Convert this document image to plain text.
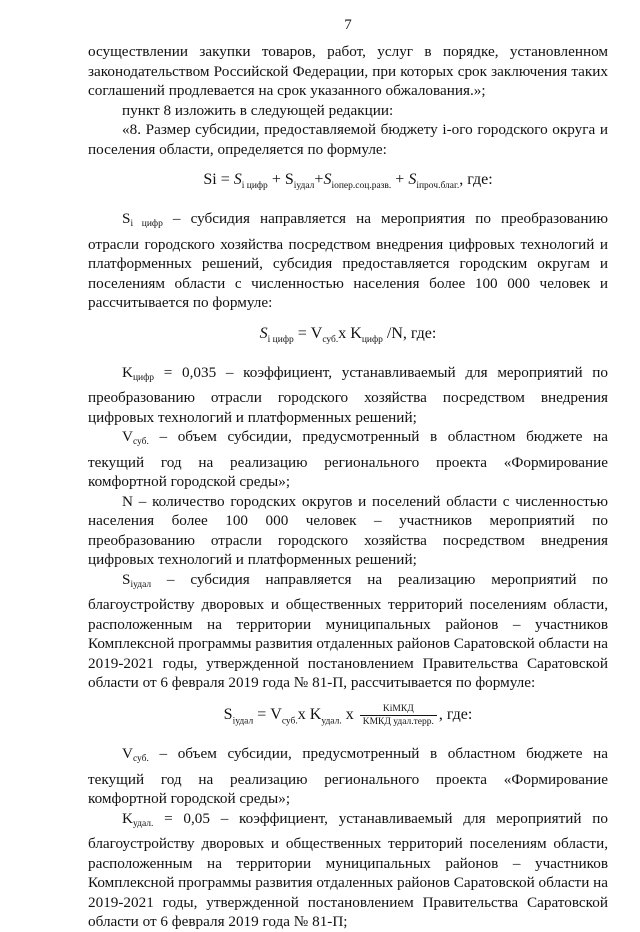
7

осуществлении закупки товаров, работ, услуг в порядке, установленном законодательством Российской Федерации, при которых срок заключения таких соглашений продлевается на срок указанного обжалования.»;

пункт 8 изложить в следующей редакции:

«8. Размер субсидии, предоставляемой бюджету i-ого городского округа и поселения области, определяется по формуле:

$Si = S_{i цифр} + S_{iудал}+S_{iопер.соц.разв.} + S_{iпроч.благ.}$, где:

$S_{i цифр}$ – субсидия направляется на мероприятия по преобразованию отрасли городского хозяйства посредством внедрения цифровых технологий и платформенных решений, субсидия предоставляется городским округам и поселениям области с численностью населения более 100 000 человек и рассчитывается по формуле:

$S_{i цифр} = V_{суб.}x$ $K_{цифр}$ /N, где:

$K_{цифр} = 0,035$ – коэффициент, устанавливаемый для мероприятий по преобразованию отрасли городского хозяйства посредством внедрения цифровых технологий и платформенных решений;

$V_{суб.}$ – объем субсидии, предусмотренный в областном бюджете на текущий год на реализацию регионального проекта «Формирование комфортной городской среды»;

N – количество городских округов и поселений области с численностью населения более 100 000 человек – участников мероприятий по преобразованию отрасли городского хозяйства посредством внедрения цифровых технологий и платформенных решений;

$S_{iудал}$ – субсидия направляется на реализацию мероприятий по благоустройству дворовых и общественных территорий поселениям области, расположенным на территории муниципальных районов – участников Комплексной программы развития отдаленных районов Саратовской области на 2019-2021 годы, утвержденной постановлением Правительства Саратовской области от 6 февраля 2019 года № 81-П, рассчитывается по формуле:

$S_{iудал} = V_{суб.}x$ $K_{удал.}$ x $\frac{\text{KiМКД}}{\text{KМКД удал.терр.}}$ , где:

$V_{суб.}$ – объем субсидии, предусмотренный в областном бюджете на текущий год на реализацию регионального проекта «Формирование комфортной городской среды»;

$K_{удал.} = 0,05$ – коэффициент, устанавливаемый для мероприятий по благоустройству дворовых и общественных территорий поселениям области, расположенным на территории муниципальных районов – участников Комплексной программы развития отдаленных районов Саратовской области на 2019-2021 годы, утвержденной постановлением Правительства Саратовской области от 6 февраля 2019 года № 81-П;
